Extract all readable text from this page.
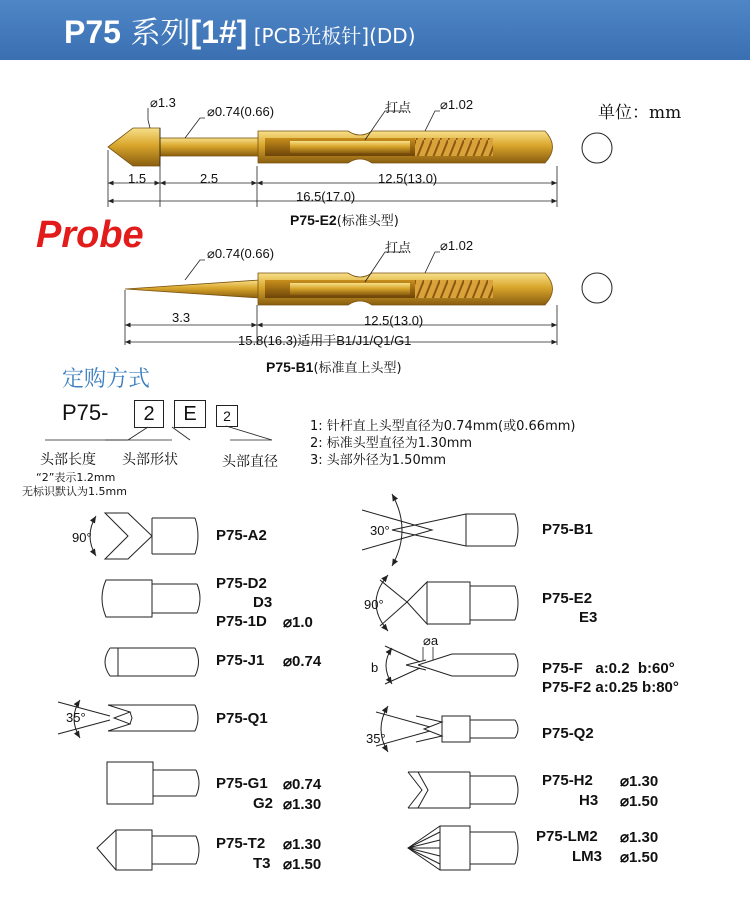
P75 系列[1#] [PCB光板针](DD)
单位：mm
⌀1.3
⌀0.74(0.66)	打点 ⌀1.02
1.5	2.5	12.5(13.0)
16.5(17.0)
P75-E2(标准头型)
Probe	⌀0.74(0.66)	打点 ⌀1.02
3.3	12.5(13.0)
15.8(16.3)适用于B1/J1/Q1/G1
P75-B1(标准直上头型)
定购方式
P75-	2	E	2
头部长度 头部形状	头部直径
“2”表示1.2mm
无标识默认为1.5mm
1: 针杆直上头型直径为0.74mm(或0.66mm)
2: 标准头型直径为1.30mm
3: 头部外径为1.50mm
90°	P75-A2
P75-D2
D3
P75-1D ⌀1.0
P75-J1 ⌀0.74
35°	P75-Q1
P75-G1 ⌀0.74
G2 ⌀1.30
P75-T2 ⌀1.30
T3 ⌀1.50
30°	P75-B1
90°	P75-E2
E3
⌀a
b	P75-F   a:0.2  b:60°
P75-F2 a:0.25 b:80°
35°	P75-Q2
P75-H2 ⌀1.30
H3 ⌀1.50
P75-LM2 ⌀1.30
LM3 ⌀1.50
